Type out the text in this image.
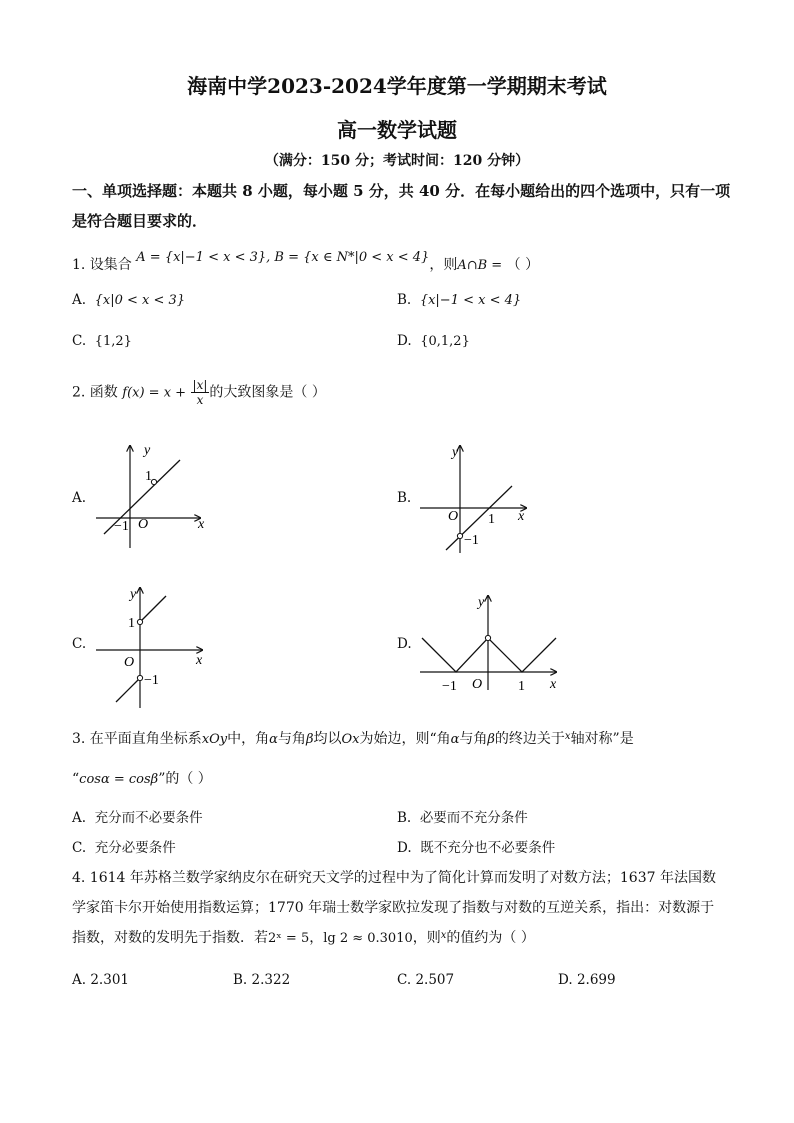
海南中学2023-2024学年度第一学期期末考试
高一数学试题
（满分：150 分；考试时间：120 分钟）
一、单项选择题：本题共 8 小题，每小题 5 分，共 40 分．在每小题给出的四个选项中，只有一项是符合题目要求的．
1. 设集合 A = {x|−1 < x < 3}, B = {x ∈ N*|0 < x < 4}，则A∩B = （ ）
A. {x|0 < x < 3}	B. {x|−1 < x < 4}
C. {1,2}	D. {0,1,2}
2. 函数 $f(x) = x + \frac{|x|}{x}$ 的大致图象是（ ）
A.
y
x
O
1
−1
B.
y
x
O 1
−1
C.
y
x
O
1
−1
D.
y
x
O	1
−1
3. 在平面直角坐标系xOy中，角α与角β均以Ox为始边，则“角α与角β的终边关于$^x$轴对称”是
“cosα = cosβ”的（ ）
A. 充分而不必要条件	B. 必要而不充分条件
C. 充分必要条件	D. 既不充分也不必要条件
4. 1614 年苏格兰数学家纳皮尔在研究天文学的过程中为了简化计算而发明了对数方法；1637 年法国数学家笛卡尔开始使用指数运算；1770 年瑞士数学家欧拉发现了指数与对数的互逆关系，指出：对数源于指数，对数的发明先于指数．若2ˣ = 5，lg 2 ≈ 0.3010，则$^x$的值约为（ ）
A. 2.301	B. 2.322	C. 2.507	D. 2.699
